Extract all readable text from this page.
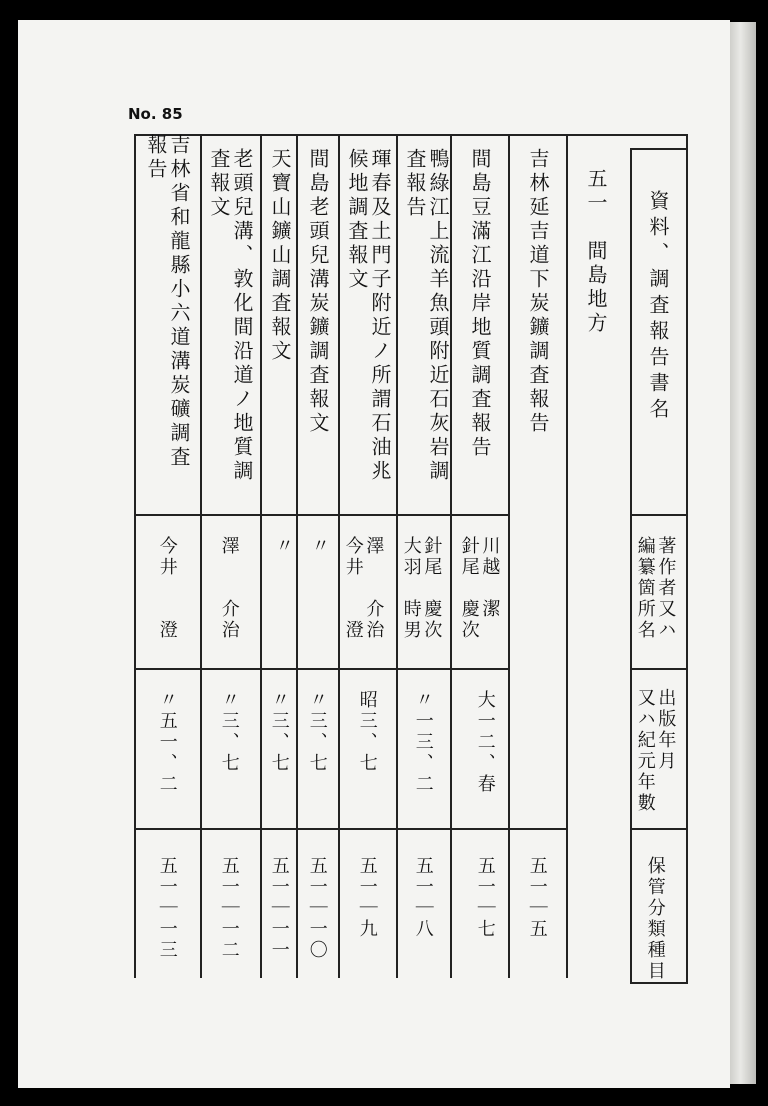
No. 85
資料、調査報告書名
著作者又ハ
編纂箇所名
出版年月
又ハ紀元年數
保管分類種目
五一　間島地方
吉林延吉道下炭鑛調査報告
五一｜五
間島豆滿江沿岸地質調査報告
川越　潔
針尾　慶次
大一二、春
五一｜七
鴨綠江上流羊魚頭附近石灰岩調
査報告
針尾　慶次
大羽　時男
〃一三、二
五一｜八
琿春及土門子附近ノ所謂石油兆
候地調査報文
澤　　介治
今井　　澄
昭三、七
五一｜九
間島老頭兒溝炭鑛調査報文
〃
〃三、七
五一｜一〇
天寶山鑛山調査報文
〃
〃三、七
五一｜一一
老頭兒溝、敦化間沿道ノ地質調
査報文
澤　　介治
〃三、七
五一｜一二
吉林省和龍縣小六道溝炭礦調査
報告
今井　　澄
〃五一、二
五一｜一三
